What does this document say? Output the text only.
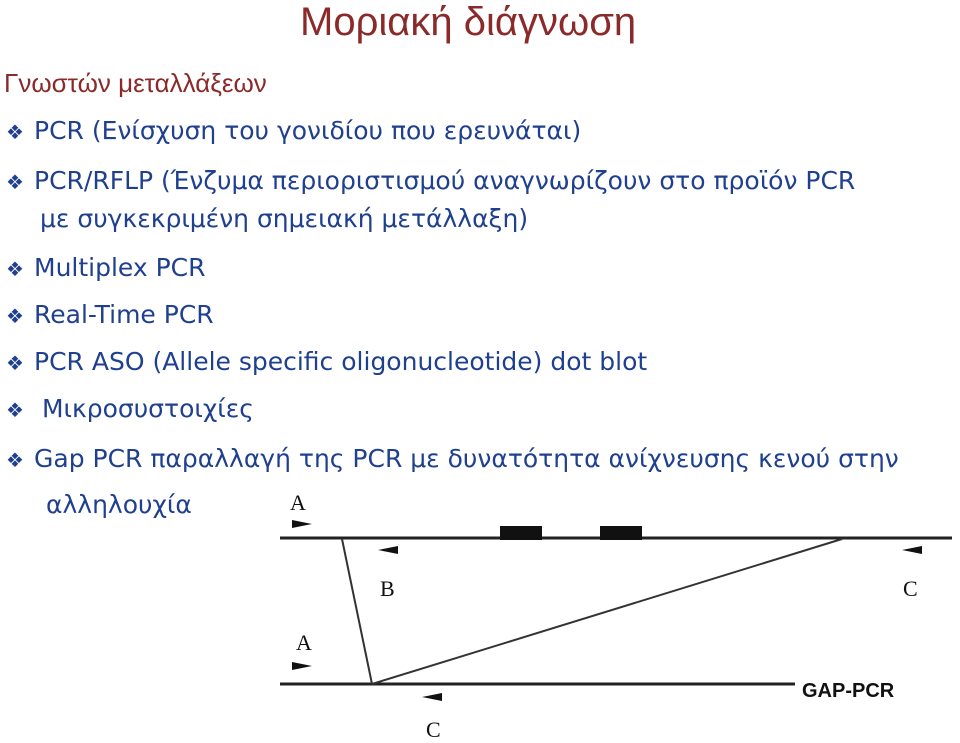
Μοριακή διάγνωση
Γνωστών μεταλλάξεων
❖ PCR (Ενίσχυση του γονιδίου που ερευνάται)
❖ PCR/RFLP (Ένζυμα περιοριστισμού αναγνωρίζουν στο προϊόν PCR
με συγκεκριμένη σημειακή μετάλλαξη)
❖ Multiplex PCR
❖ Real-Time PCR
❖ PCR ASO (Allele specific oligonucleotide) dot blot
❖ Μικροσυστοιχίες
❖ Gap PCR παραλλαγή της PCR με δυνατότητα ανίχνευσης κενού στην
αλληλουχία	A
B	C
A
C
GAP-PCR
